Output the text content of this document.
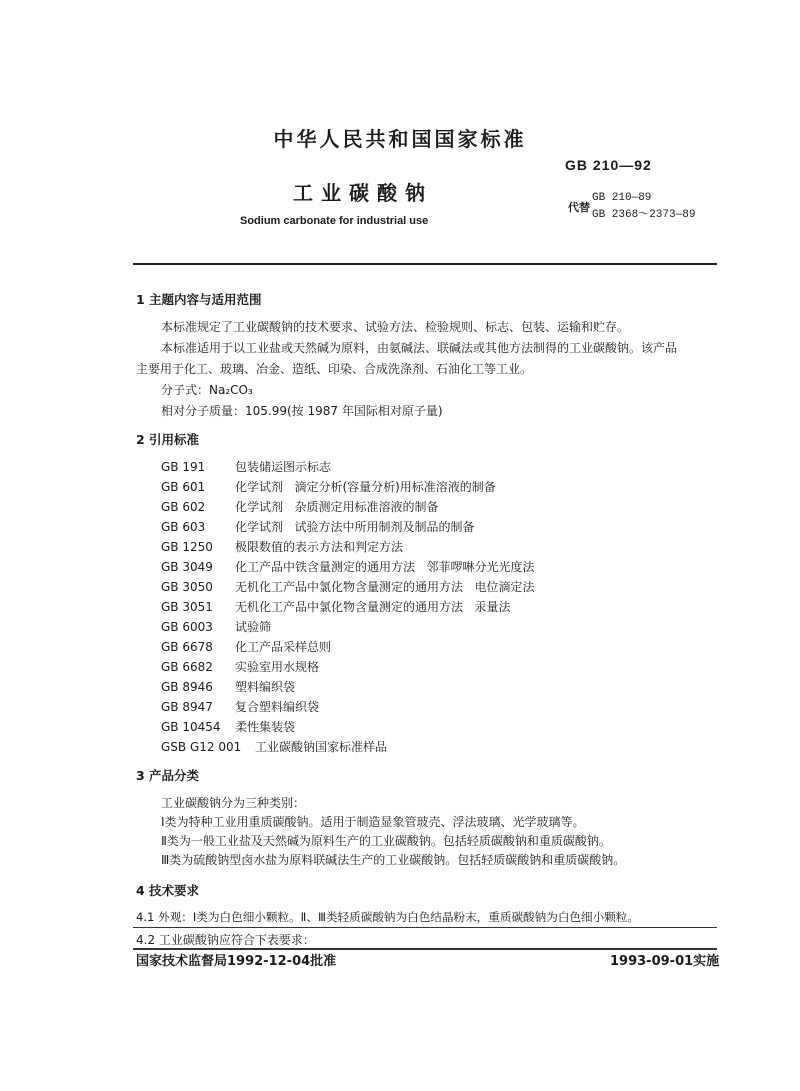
中华人民共和国国家标准
GB 210—92
工业碳酸钠
代替
GB 210—89
GB 2368～2373—89
Sodium carbonate for industrial use
1 主题内容与适用范围
本标准规定了工业碳酸钠的技术要求、试验方法、检验规则、标志、包装、运输和贮存。
本标准适用于以工业盐或天然碱为原料，由氨碱法、联碱法或其他方法制得的工业碳酸钠。该产品
主要用于化工、玻璃、冶金、造纸、印染、合成洗涤剂、石油化工等工业。
分子式：Na₂CO₃
相对分子质量：105.99(按 1987 年国际相对原子量)
2 引用标准
GB 191 包装储运图示标志
GB 601 化学试剂   滴定分析(容量分析)用标准溶液的制备
GB 602 化学试剂   杂质测定用标准溶液的制备
GB 603 化学试剂   试验方法中所用制剂及制品的制备
GB 1250 极限数值的表示方法和判定方法
GB 3049 化工产品中铁含量测定的通用方法   邻菲啰啉分光光度法
GB 3050 无机化工产品中氯化物含量测定的通用方法   电位滴定法
GB 3051 无机化工产品中氯化物含量测定的通用方法   汞量法
GB 6003 试验筛
GB 6678 化工产品采样总则
GB 6682 实验室用水规格
GB 8946 塑料编织袋
GB 8947 复合塑料编织袋
GB 10454 柔性集装袋
GSB G12 001 工业碳酸钠国家标准样品
3 产品分类
工业碳酸钠分为三种类别：
Ⅰ类为特种工业用重质碳酸钠。适用于制造显象管玻壳、浮法玻璃、光学玻璃等。
Ⅱ类为一般工业盐及天然碱为原料生产的工业碳酸钠。包括轻质碳酸钠和重质碳酸钠。
Ⅲ类为硫酸钠型卤水盐为原料联碱法生产的工业碳酸钠。包括轻质碳酸钠和重质碳酸钠。
4 技术要求
4.1 外观：Ⅰ类为白色细小颗粒。Ⅱ、Ⅲ类轻质碳酸钠为白色结晶粉末，重质碳酸钠为白色细小颗粒。
4.2 工业碳酸钠应符合下表要求：
国家技术监督局1992-12-04批准	1993-09-01实施
